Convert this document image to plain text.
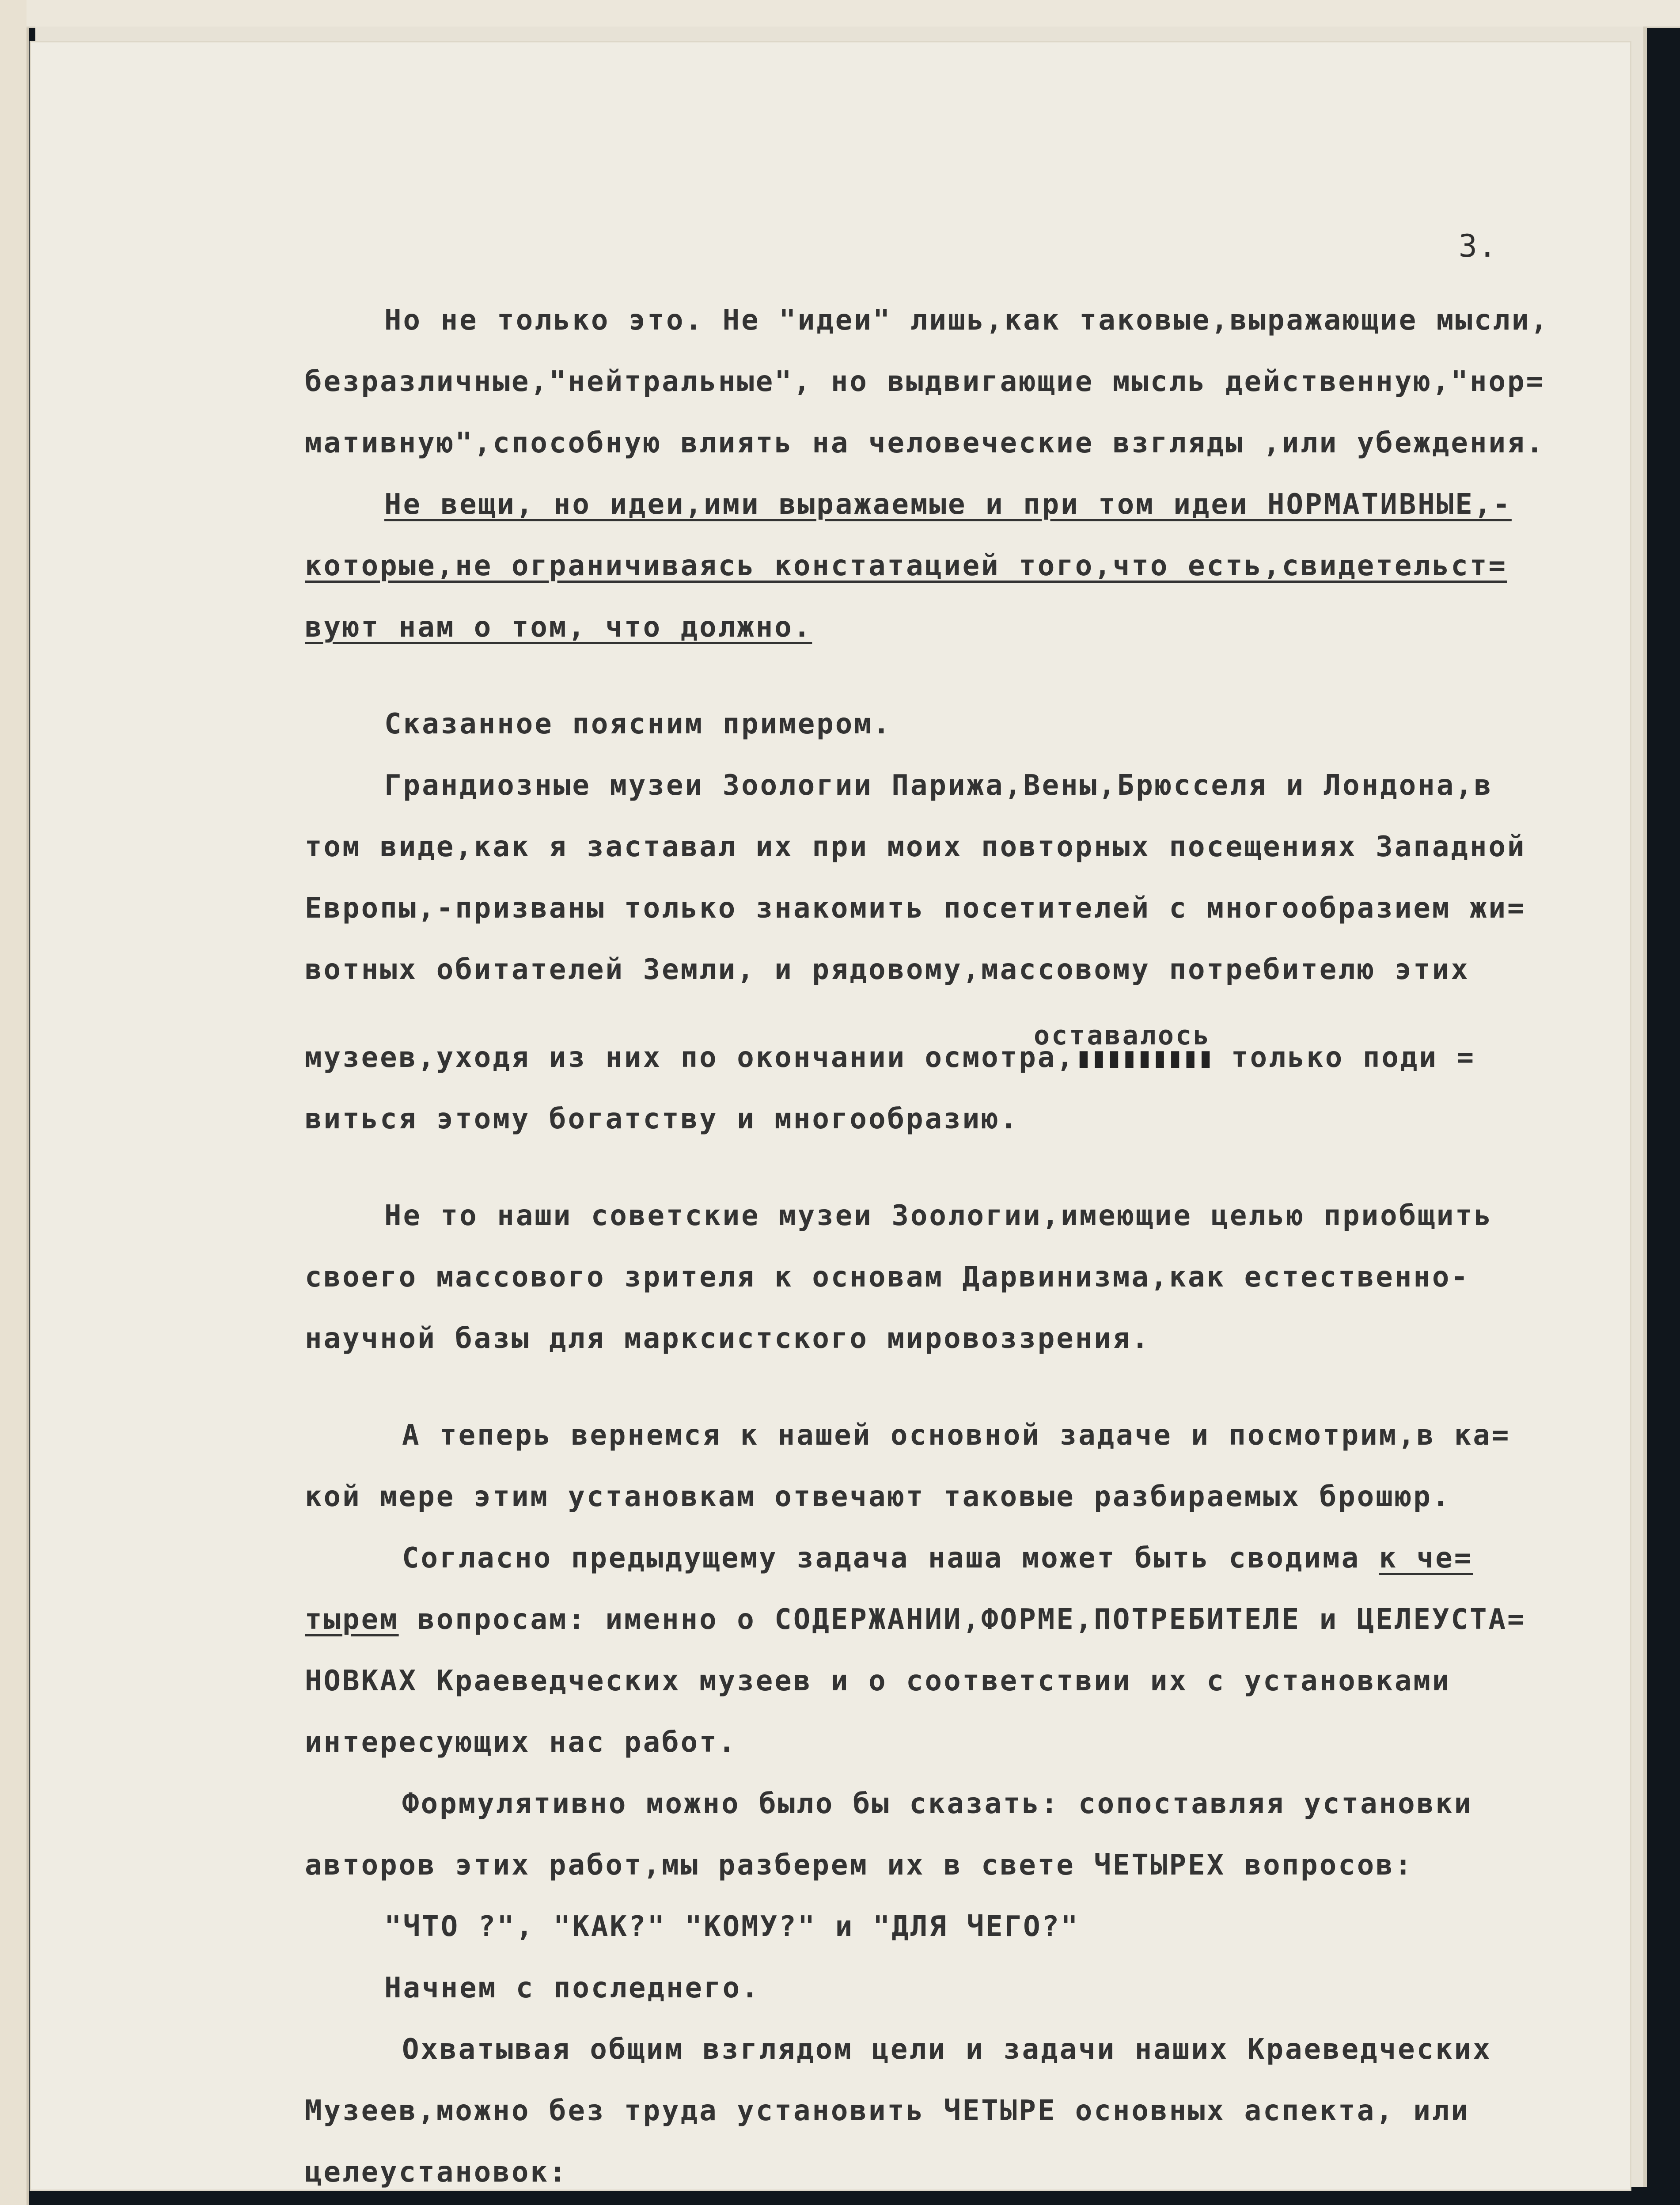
3.
Но не только это. Не "идеи" лишь,как таковые,выражающие мысли,
безразличные,"нейтральные", но выдвигающие мысль действенную,"нор=
мативную",способную влиять на человеческие взгляды ,или убеждения.
Не вещи, но идеи,ими выражаемые и при том идеи НОРМАТИВНЫЕ,-
которые,не ограничиваясь констатацией того,что есть,свидетельст=
вуют нам о том, что должно.
Сказанное поясним примером.
Грандиозные музеи Зоологии Парижа,Вены,Брюсселя и Лондона,в
том виде,как я заставал их при моих повторных посещениях Западной
Европы,-призваны только знакомить посетителей с многообразием жи=
вотных обитателей Земли, и рядовому,массовому потребителю этих
оставалось
музеев,уходя из них по окончании осмотра,▮▮▮▮▮▮▮▮▮ только поди =
виться этому богатству и многообразию.
Не то наши советские музеи Зоологии,имеющие целью приобщить
своего массового зрителя к основам Дарвинизма,как естественно-
научной базы для марксистского мировоззрения.
А теперь вернемся к нашей основной задаче и посмотрим,в ка=
кой мере этим установкам отвечают таковые разбираемых брошюр.
Согласно предыдущему задача наша может быть сводима к че=
тырем вопросам: именно о СОДЕРЖАНИИ,ФОРМЕ,ПОТРЕБИТЕЛЕ и ЦЕЛЕУСТА=
НОВКАХ Краеведческих музеев и о соответствии их с установками
интересующих нас работ.
Формулятивно можно было бы сказать: сопоставляя установки
авторов этих работ,мы разберем их в свете ЧЕТЫРЕХ вопросов:
"ЧТО ?", "КАК?" "КОМУ?" и "ДЛЯ ЧЕГО?"
Начнем с последнего.
Охватывая общим взглядом цели и задачи наших Краеведческих
Музеев,можно без труда установить ЧЕТЫРЕ основных аспекта, или
целеустановок:
